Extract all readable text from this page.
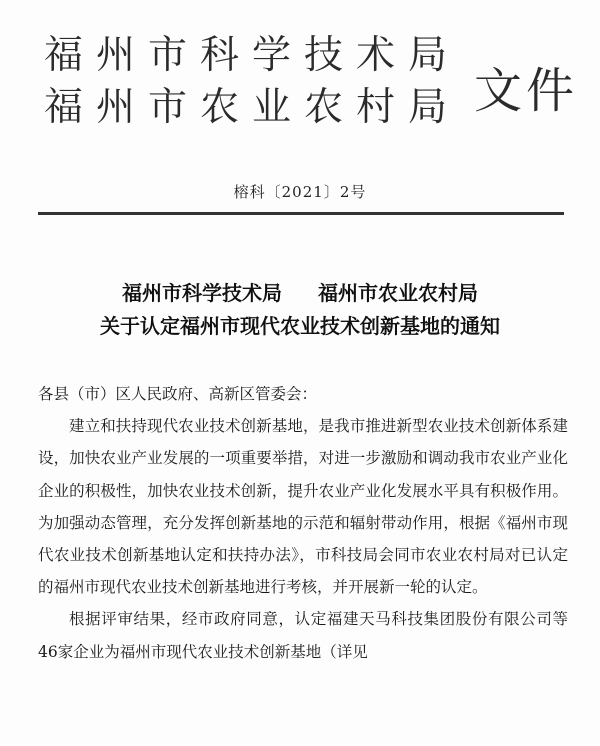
福州市科学技术局
福州市农业农村局 文件
榕科〔2021〕2号
福州市科学技术局 福州市农业农村局
关于认定福州市现代农业技术创新基地的通知

各县（市）区人民政府、高新区管委会：

建立和扶持现代农业技术创新基地，是我市推进新型农业技术创新体系建设，加快农业产业发展的一项重要举措，对进一步激励和调动我市农业产业化企业的积极性，加快农业技术创新，提升农业产业化发展水平具有积极作用。为加强动态管理，充分发挥创新基地的示范和辐射带动作用，根据《福州市现代农业技术创新基地认定和扶持办法》，市科技局会同市农业农村局对已认定的福州市现代农业技术创新基地进行考核，并开展新一轮的认定。

根据评审结果，经市政府同意，认定福建天马科技集团股份有限公司等46家企业为福州市现代农业技术创新基地（详见
